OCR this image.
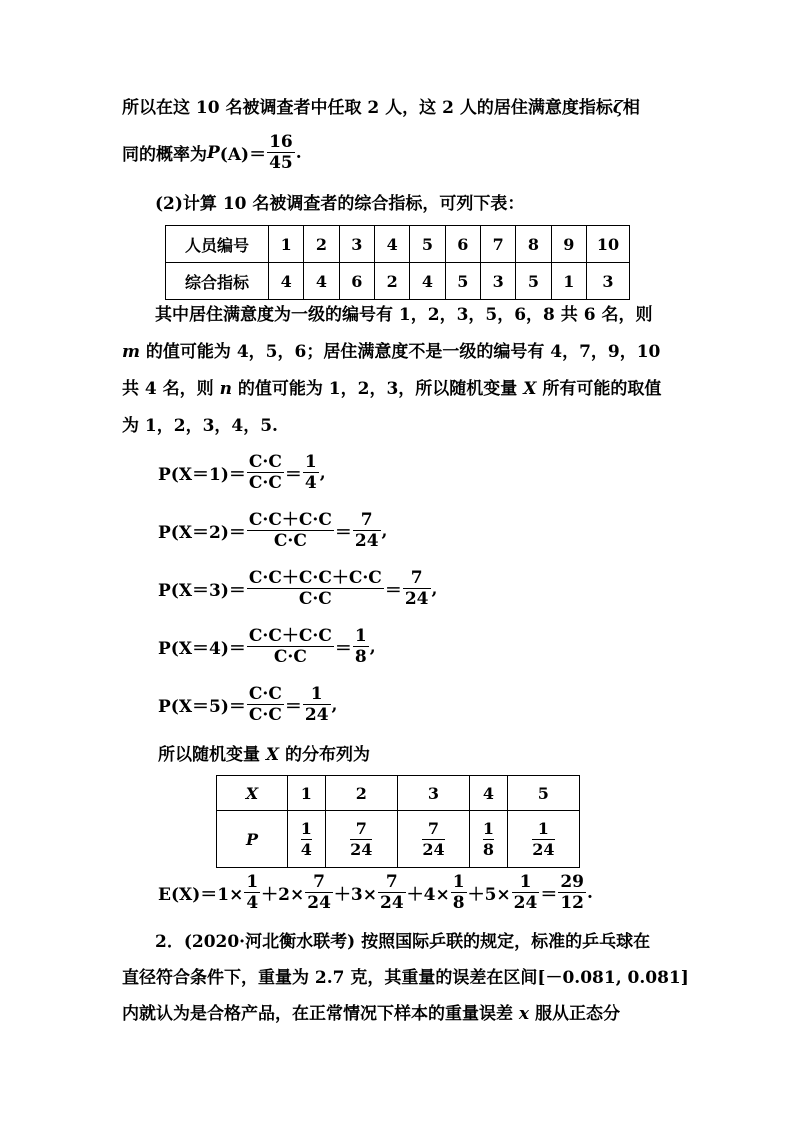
所以在这 10 名被调查者中任取 2 人，这 2 人的居住满意度指标ζ相
同的概率为 P $(A)= \frac{16}{45}$ .
(2)计算 10 名被调查者的综合指标，可列下表：
人员编号	1	2	3	4	5	6	7	8	9	10
综合指标	4	4	6	2	4	5	3	5	1	3
其中居住满意度为一级的编号有 1，2，3，5，6，8 共 6 名，则
m 的值可能为 4，5，6；居住满意度不是一级的编号有 4，7，9，10
共 4 名，则 n 的值可能为 1，2，3，所以随机变量 X 所有可能的取值
为 1，2，3，4，5.
$P(X=1)= \frac{C\cdot C}{C\cdot C} = \frac{1}{4}$ ,
$P(X=2)= \frac{C\cdot C+C\cdot C}{C\cdot C} = \frac{7}{24}$ ,
$P(X=3)= \frac{C\cdot C+C\cdot C+C\cdot C}{C\cdot C} = \frac{7}{24}$ ,
$P(X=4)= \frac{C\cdot C+C\cdot C}{C\cdot C} = \frac{1}{8}$ ,
$P(X=5)= \frac{C\cdot C}{C\cdot C} = \frac{1}{24}$ ,
所以随机变量 X 的分布列为
X	1	2	3	4	5
P	$\frac{1}{4}$	$\frac{7}{24}$	$\frac{7}{24}$	$\frac{1}{8}$	$\frac{1}{24}$
$E(X)=1\times \frac{1}{4} +2\times \frac{7}{24} +3\times \frac{7}{24} +4\times \frac{1}{8} +5\times \frac{1}{24} = \frac{29}{12}$ .
2．(2020·河北衡水联考) 按照国际乒联的规定，标准的乒乓球在
直径符合条件下，重量为 2.7 克，其重量的误差在区间[－0.081, 0.081]
内就认为是合格产品，在正常情况下样本的重量误差 x 服从正态分
